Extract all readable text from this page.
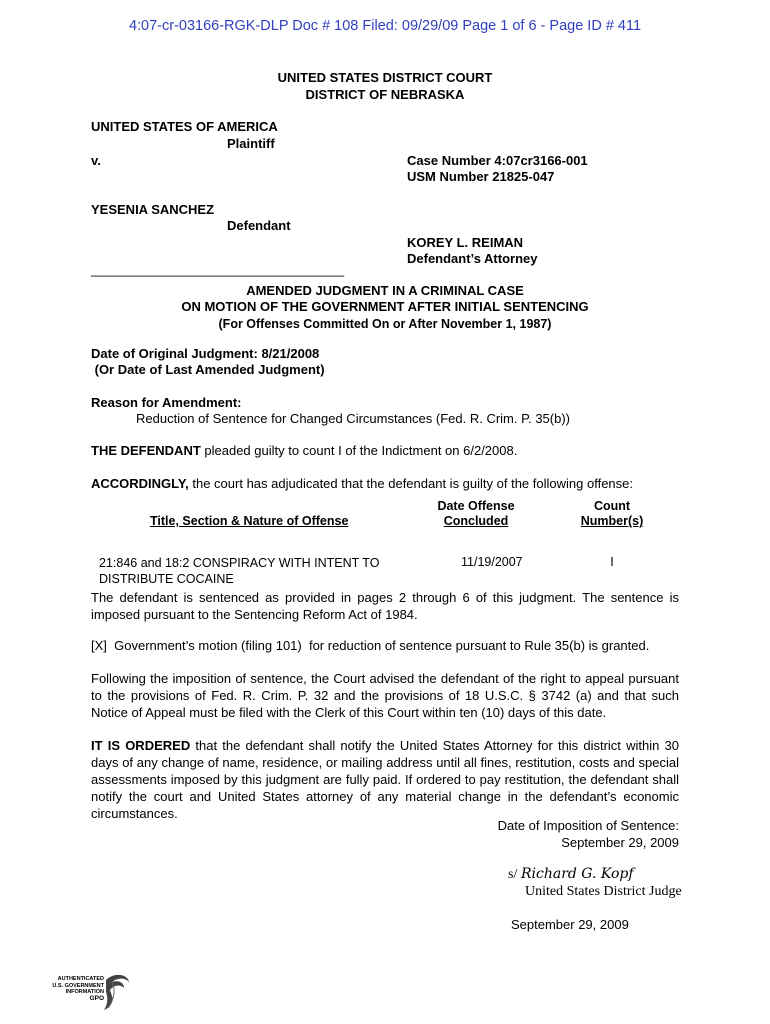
4:07-cr-03166-RGK-DLP Doc # 108 Filed: 09/29/09 Page 1 of 6 - Page ID # 411
UNITED STATES DISTRICT COURT
DISTRICT OF NEBRASKA
UNITED STATES OF AMERICA
Plaintiff
v.	Case Number 4:07cr3166-001
USM Number 21825-047
YESENIA SANCHEZ
Defendant
KOREY L. REIMAN
Defendant’s Attorney
___________________________________
AMENDED JUDGMENT IN A CRIMINAL CASE
ON MOTION OF THE GOVERNMENT AFTER INITIAL SENTENCING
(For Offenses Committed On or After November 1, 1987)
Date of Original Judgment: 8/21/2008
(Or Date of Last Amended Judgment)
Reason for Amendment:
Reduction of Sentence for Changed Circumstances (Fed. R. Crim. P. 35(b))
THE DEFENDANT pleaded guilty to count I of the Indictment on 6/2/2008.
ACCORDINGLY, the court has adjudicated that the defendant is guilty of the following offense:
Title, Section & Nature of Offense
Date Offense
Concluded
Count
Number(s)
21:846 and 18:2 CONSPIRACY WITH INTENT TO
DISTRIBUTE COCAINE
11/19/2007	I
The defendant is sentenced as provided in pages 2 through 6 of this judgment. The sentence is imposed pursuant to the Sentencing Reform Act of 1984.
[X]  Government’s motion (filing 101)  for reduction of sentence pursuant to Rule 35(b) is granted.
Following the imposition of sentence, the Court advised the defendant of the right to appeal pursuant to the provisions of Fed. R. Crim. P. 32 and the provisions of 18 U.S.C. § 3742 (a) and that such Notice of Appeal must be filed with the Clerk of this Court within ten (10) days of this date.
IT IS ORDERED that the defendant shall notify the United States Attorney for this district within 30 days of any change of name, residence, or mailing address until all fines, restitution, costs and special assessments imposed by this judgment are fully paid. If ordered to pay restitution, the defendant shall notify the court and United States attorney of any material change in the defendant’s economic circumstances.
Date of Imposition of Sentence:
September 29, 2009
s/ Richard G. Kopf
United States District Judge
September 29, 2009
AUTHENTICATED
U.S. GOVERNMENT
INFORMATION
GPO
